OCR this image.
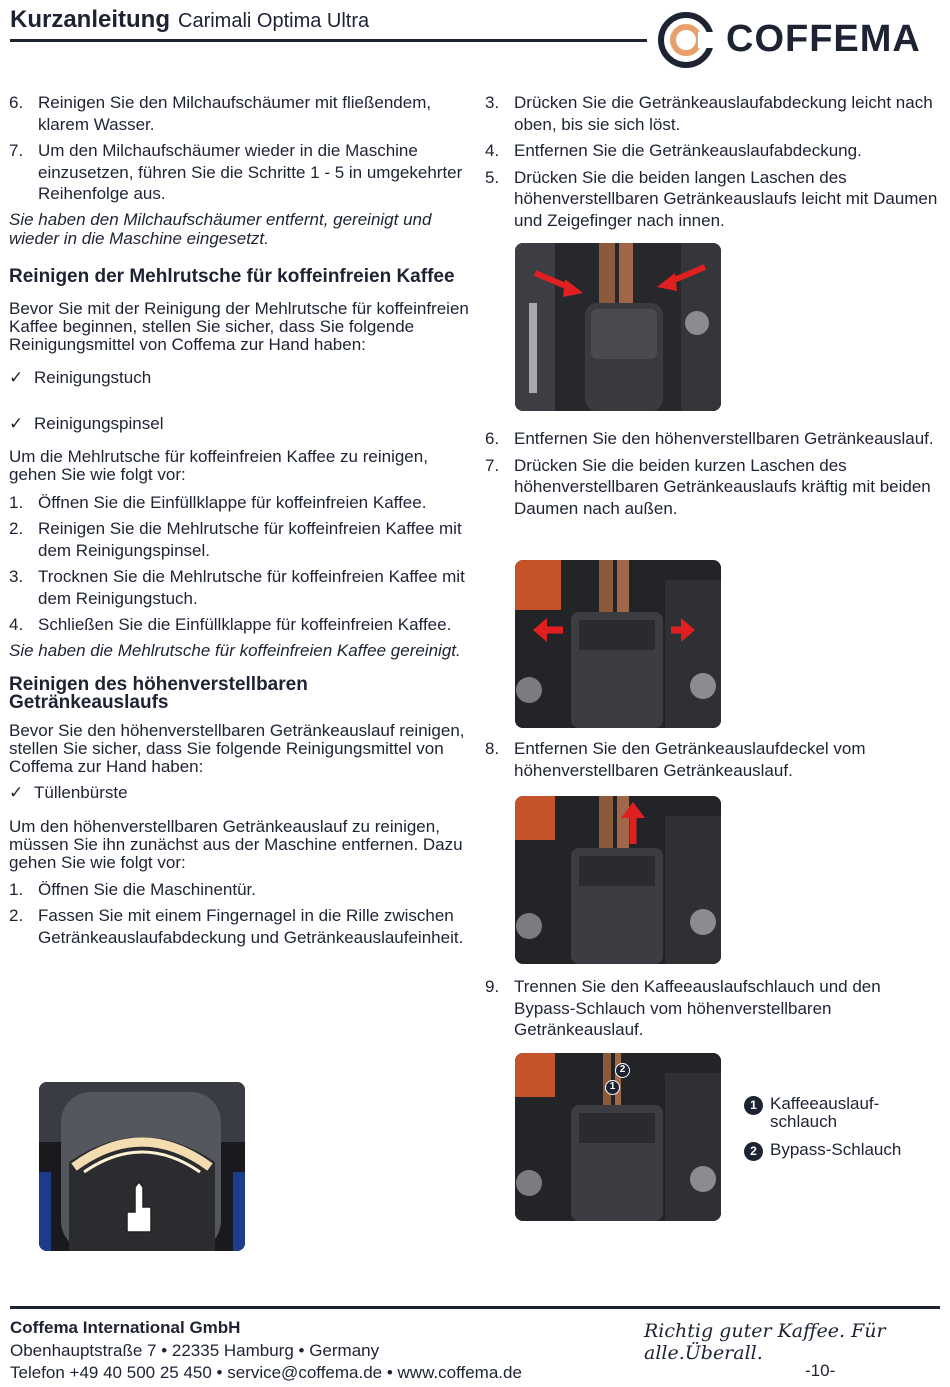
Kurzanleitung Carimali Optima Ultra	COFFEMA
6. Reinigen Sie den Milchaufschäumer mit fließendem, klarem Wasser.
7. Um den Milchaufschäumer wieder in die Maschine einzusetzen, führen Sie die Schritte 1 - 5 in umgekehrter Reihenfolge aus.

Sie haben den Milchaufschäumer entfernt, gereinigt und wieder in die Maschine eingesetzt.

Reinigen der Mehlrutsche für koffeinfreien Kaffee

Bevor Sie mit der Reinigung der Mehlrutsche für koffeinfreien Kaffee beginnen, stellen Sie sicher, dass Sie folgende Reinigungsmittel von Coffema zur Hand haben:

✓ Reinigungstuch
✓ Reinigungspinsel

Um die Mehlrutsche für koffeinfreien Kaffee zu reinigen, gehen Sie wie folgt vor:

1. Öffnen Sie die Einfüllklappe für koffeinfreien Kaffee.
2. Reinigen Sie die Mehlrutsche für koffeinfreien Kaffee mit dem Reinigungspinsel.
3. Trocknen Sie die Mehlrutsche für koffeinfreien Kaffee mit dem Reinigungstuch.
4. Schließen Sie die Einfüllklappe für koffeinfreien Kaffee.

Sie haben die Mehlrutsche für koffeinfreien Kaffee gereinigt.

Reinigen des höhenverstellbaren Getränkeauslaufs

Bevor Sie den höhenverstellbaren Getränkeauslauf reinigen, stellen Sie sicher, dass Sie folgende Reinigungsmittel von Coffema zur Hand haben:

✓ Tüllenbürste

Um den höhenverstellbaren Getränkeauslauf zu reinigen, müssen Sie ihn zunächst aus der Maschine entfernen. Dazu gehen Sie wie folgt vor:

1. Öffnen Sie die Maschinentür.
2. Fassen Sie mit einem Fingernagel in die Rille zwischen Getränkeauslaufabdeckung und Getränkeauslaufeinheit.
3. Drücken Sie die Getränkeauslaufabdeckung leicht nach oben, bis sie sich löst.
4. Entfernen Sie die Getränkeauslaufabdeckung.
5. Drücken Sie die beiden langen Laschen des höhenverstellbaren Getränkeauslaufs leicht mit Daumen und Zeigefinger nach innen.
6. Entfernen Sie den höhenverstellbaren Getränkeauslauf.
7. Drücken Sie die beiden kurzen Laschen des höhenverstellbaren Getränkeauslaufs kräftig mit beiden Daumen nach außen.
8. Entfernen Sie den Getränkeauslaufdeckel vom höhenverstellbaren Getränkeauslauf.
9. Trennen Sie den Kaffeeauslaufschlauch und den Bypass-Schlauch vom höhenverstellbaren Getränkeauslauf.
1
2
1 Kaffeeauslauf-schlauch
2 Bypass-Schlauch
Coffema International GmbH
Obenhauptstraße 7 • 22335 Hamburg • Germany
Telefon +49 40 500 25 450 • service@coffema.de • www.coffema.de
Richtig guter Kaffee. Für alle.Überall.
-10-
